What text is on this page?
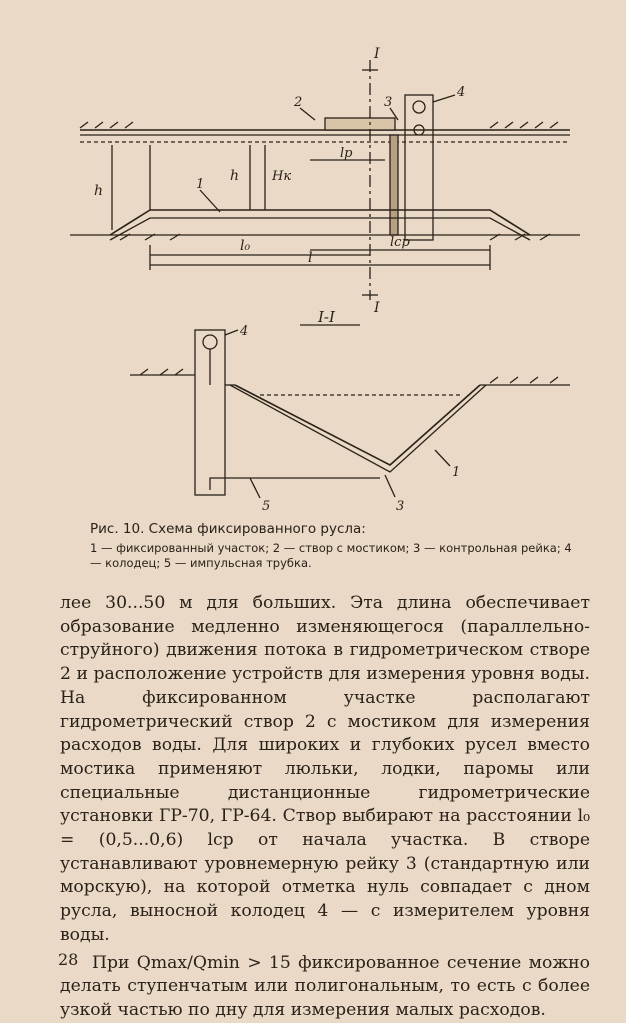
I
I
2	3
4
h
h	Hк
lр
1
l₀
l
lср
I-I
4
1
5	3
Рис. 10. Схема фиксированного русла:
1 — фиксированный участок; 2 — створ с мостиком; 3 — контрольная рейка; 4 — колодец; 5 — импульсная трубка.

лее 30...50 м для больших. Эта длина обеспечивает образование медленно изменяющегося (параллельно-струйного) движения потока в гидрометрическом створе 2 и расположение устройств для измерения уровня воды. На фиксированном участке располагают гидрометрический створ 2 с мостиком для измерения расходов воды. Для широких и глубоких русел вместо мостика применяют люльки, лодки, паромы или специальные дистанционные гидрометрические установки ГР-70, ГР-64. Створ выбирают на расстоянии l₀ = (0,5...0,6) lср от начала участка. В створе устанавливают уровнемерную рейку 3 (стандартную или морскую), на которой отметка нуль совпадает с дном русла, выносной колодец 4 — с измерителем уровня воды.

При Qmax/Qmin > 15 фиксированное сечение можно делать ступенчатым или полигональным, то есть с более узкой частью по дну для измерения малых расходов.

28
